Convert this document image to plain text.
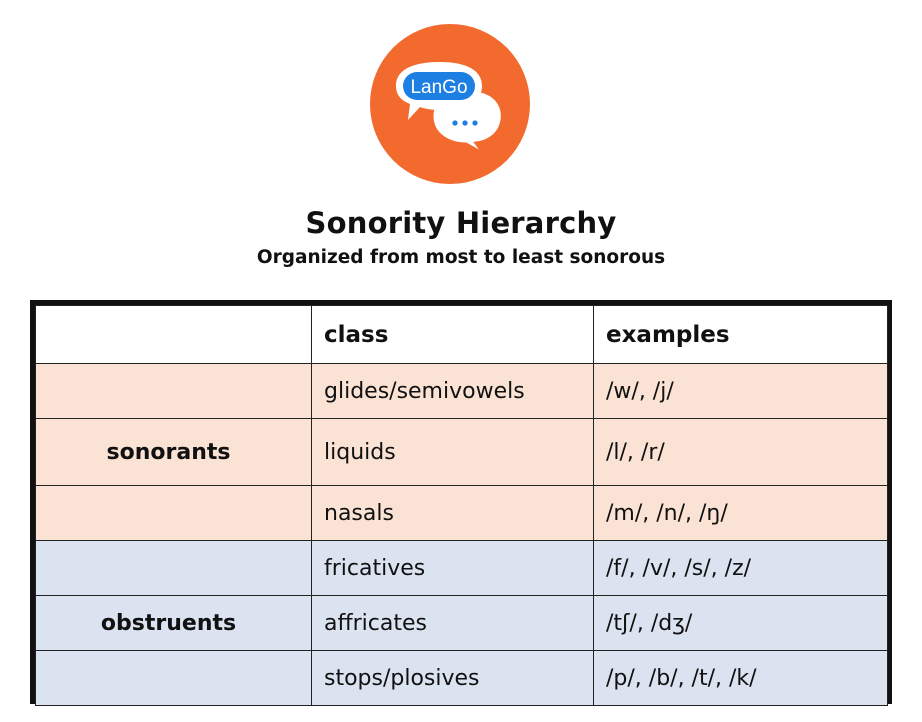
LanGo
Sonority Hierarchy
Organized from most to least sonorous
	class	examples
	glides/semivowels	/w/, /j/
sonorants	liquids	/l/, /r/
	nasals	/m/, /n/, /ŋ/
	fricatives	/f/, /v/, /s/, /z/
obstruents	affricates	/tʃ/, /dʒ/
	stops/plosives	/p/, /b/, /t/, /k/
